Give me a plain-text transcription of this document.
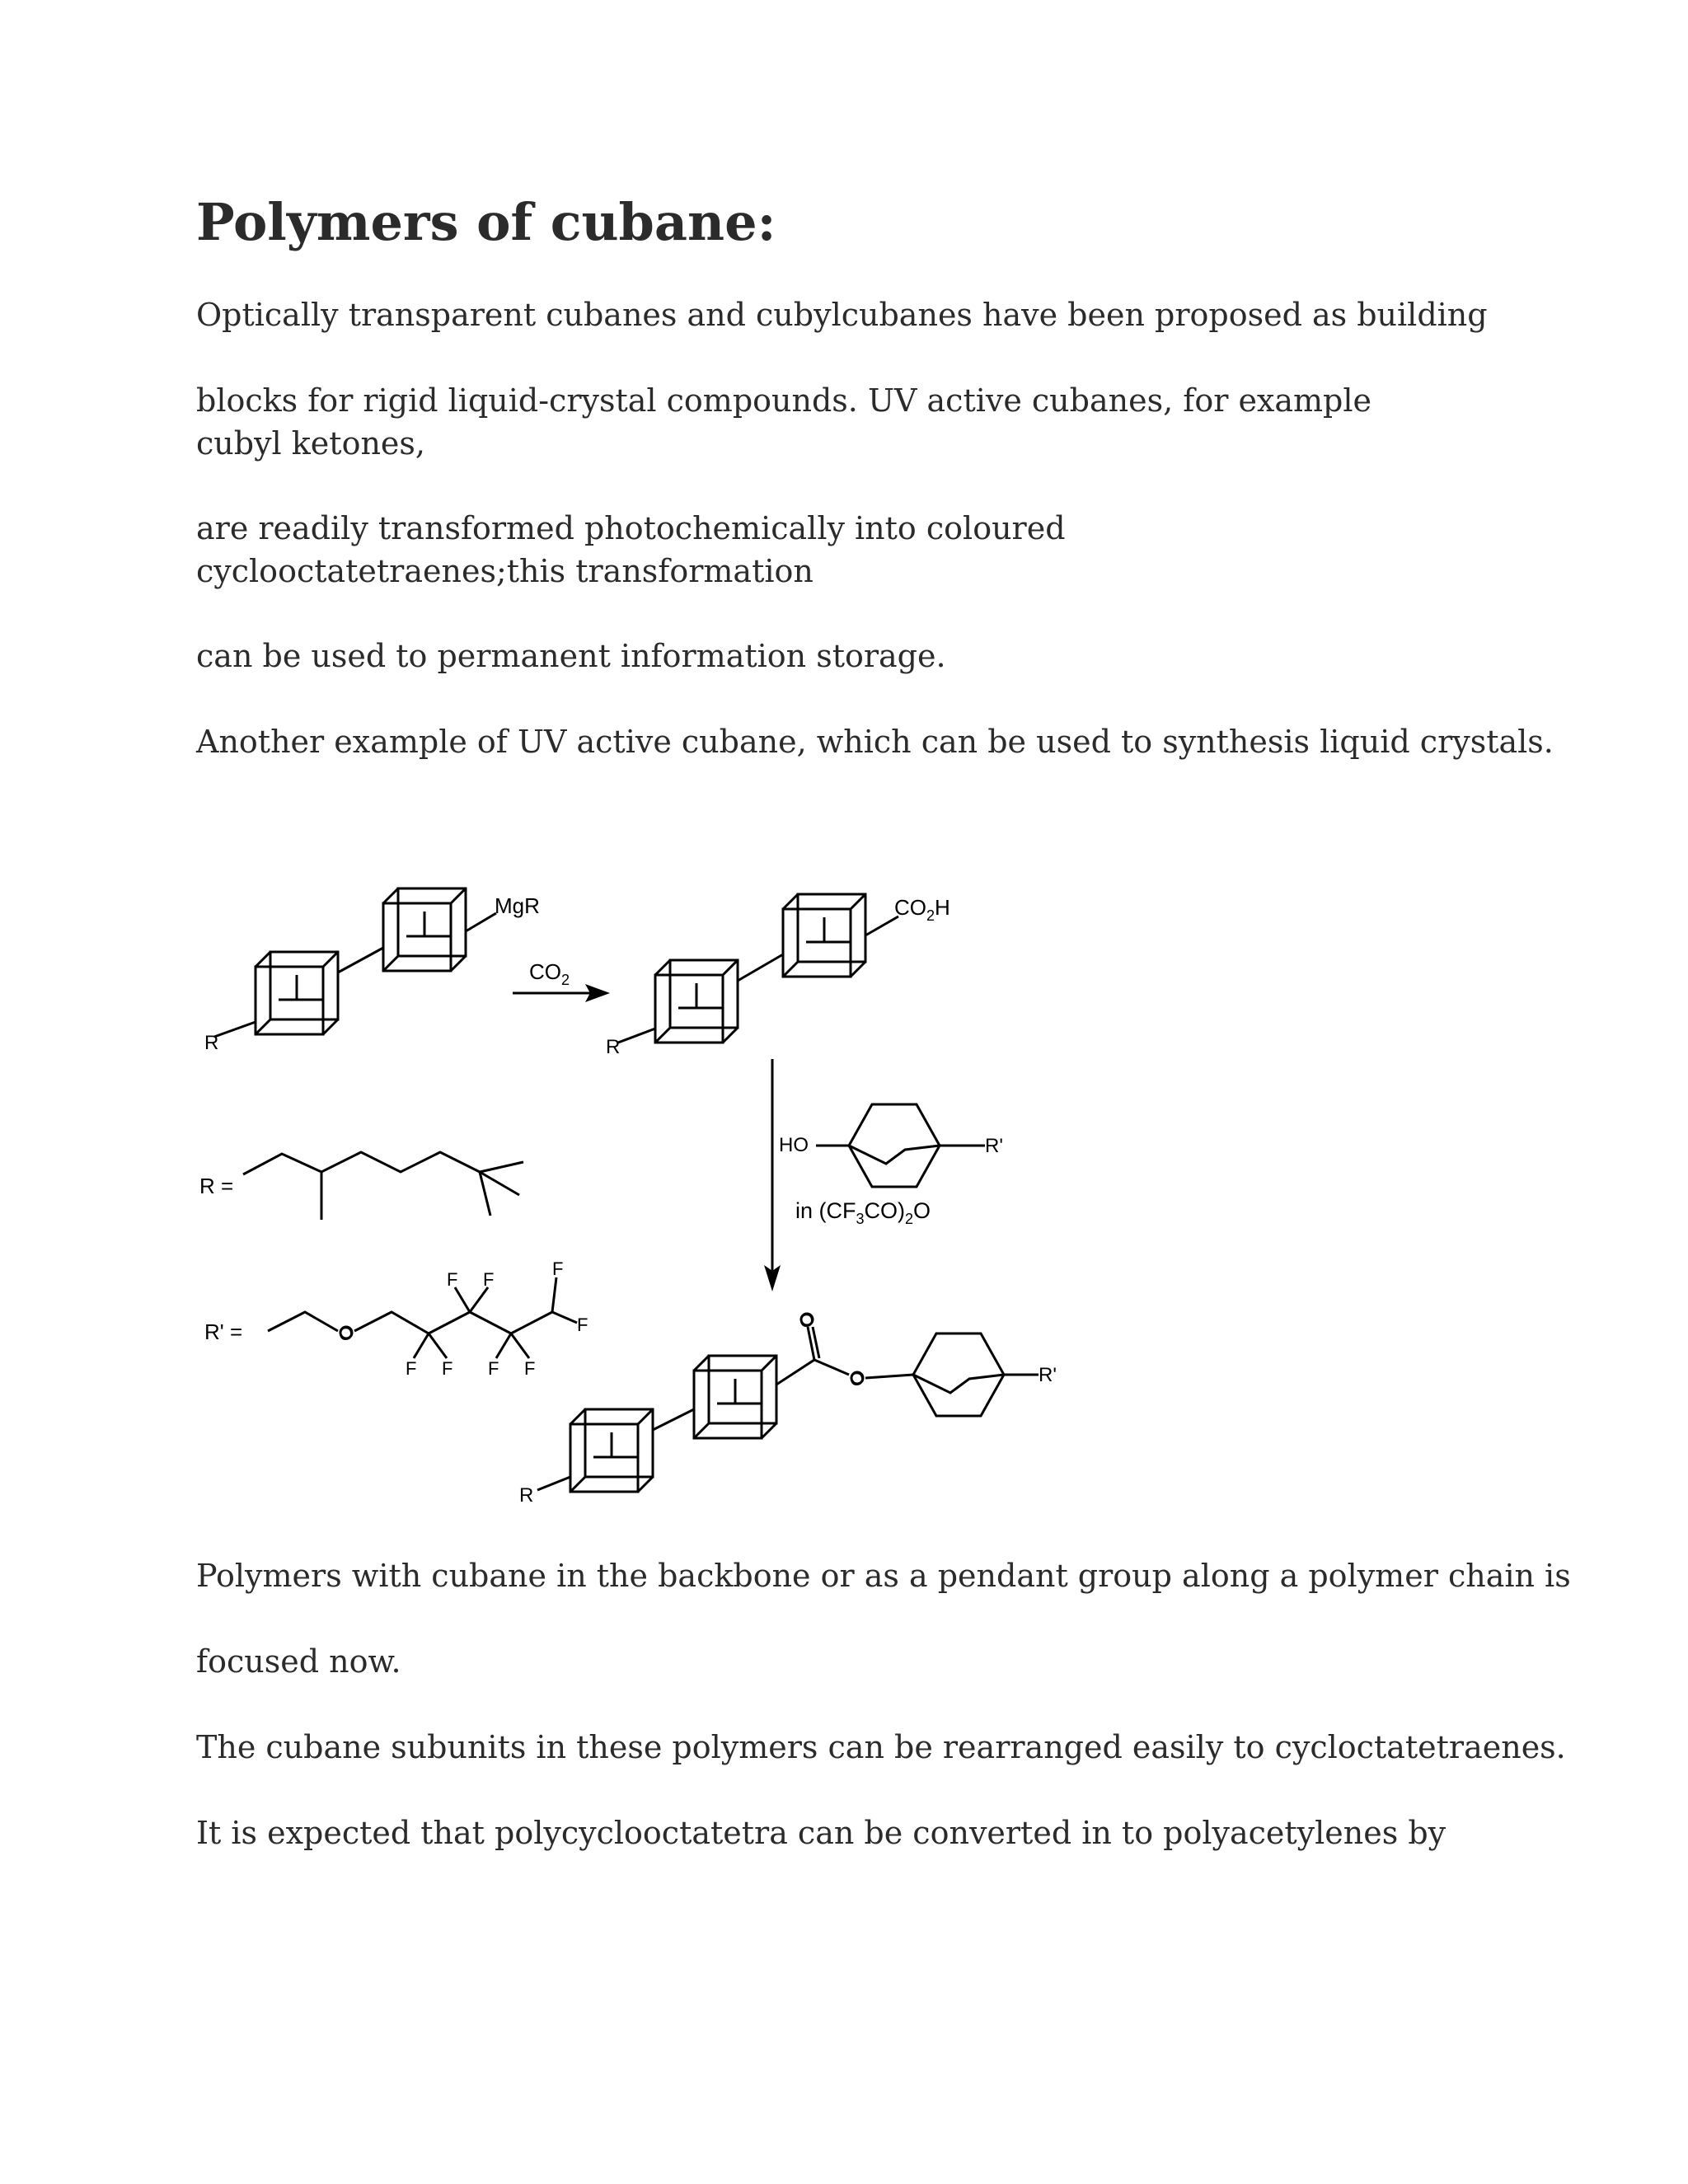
Polymers of cubane:

Optically transparent cubanes and cubylcubanes have been proposed as building

blocks for rigid liquid-crystal compounds. UV active cubanes, for example cubyl ketones,

are readily transformed photochemically into coloured cyclooctatetraenes;this transformation

can be used to permanent information storage.

Another example of UV active cubane, which can be used to synthesis liquid crystals.

MgR
R
$CO_2$
$CO_2H$
R
HO	R'
in $(CF_3CO)_2O$
R =
R' =	O
F F
F
F
F F F F
R
O
O	R'

Polymers with cubane in the backbone or as a pendant group along a polymer chain is

focused now.

The cubane subunits in these polymers can be rearranged easily to cycloctatetraenes.

It is expected that polycyclooctatetra can be converted in to polyacetylenes by
